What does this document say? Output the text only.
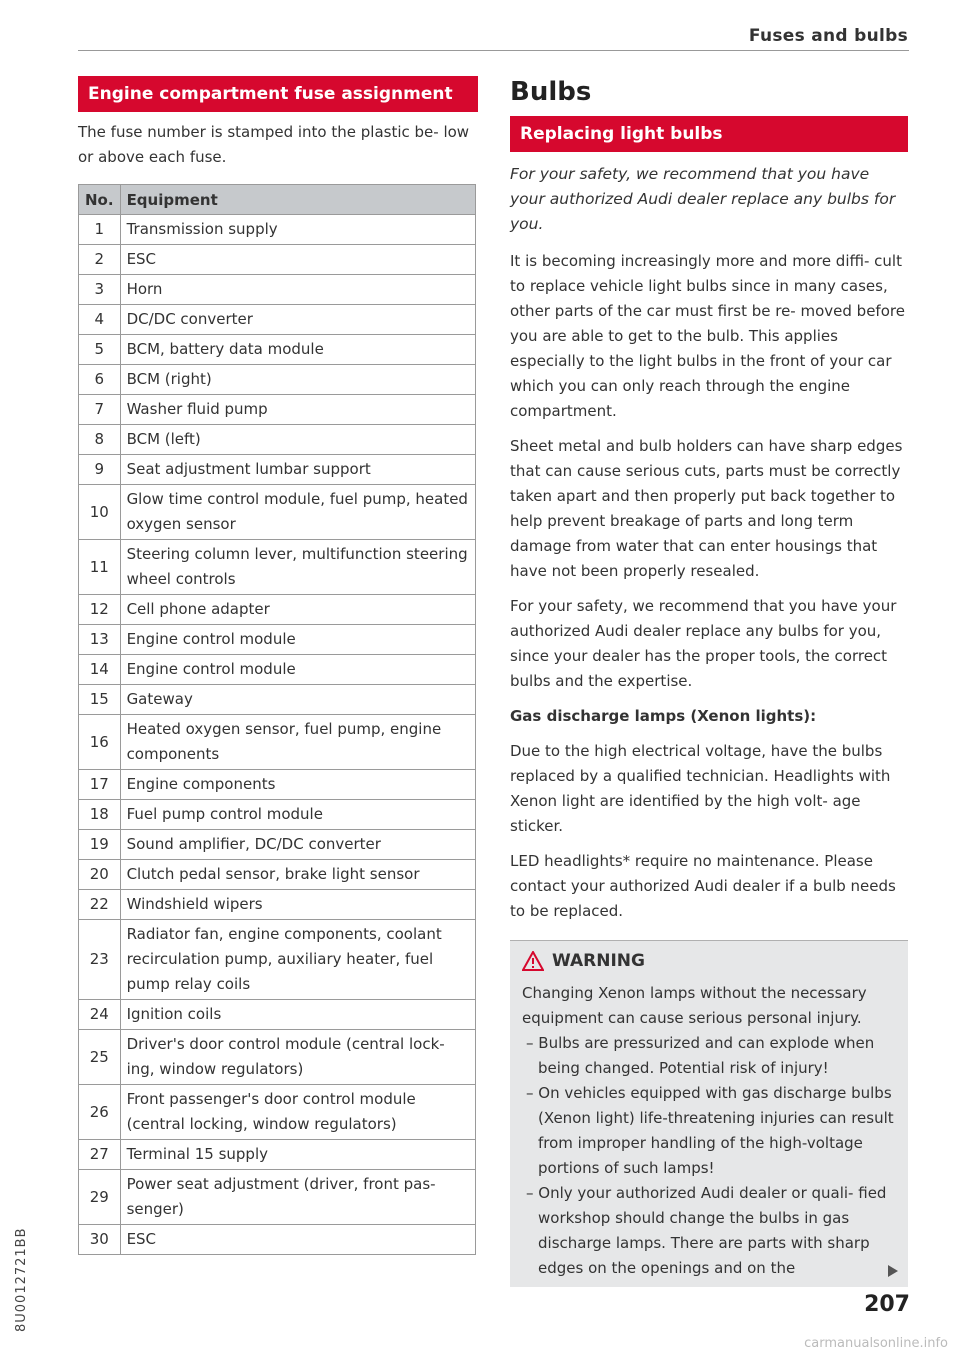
Fuses and bulbs
Engine compartment fuse assignment

The fuse number is stamped into the plastic be- low or above each fuse.

No.	Equipment
1	Transmission supply
2	ESC
3	Horn
4	DC/DC converter
5	BCM, battery data module
6	BCM (right)
7	Washer fluid pump
8	BCM (left)
9	Seat adjustment lumbar support
10	Glow time control module, fuel pump, heated oxygen sensor
11	Steering column lever, multifunction steering wheel controls
12	Cell phone adapter
13	Engine control module
14	Engine control module
15	Gateway
16	Heated oxygen sensor, fuel pump, engine components
17	Engine components
18	Fuel pump control module
19	Sound amplifier, DC/DC converter
20	Clutch pedal sensor, brake light sensor
22	Windshield wipers
23	Radiator fan, engine components, coolant recirculation pump, auxiliary heater, fuel pump relay coils
24	Ignition coils
25	Driver's door control module (central lock- ing, window regulators)
26	Front passenger's door control module (central locking, window regulators)
27	Terminal 15 supply
29	Power seat adjustment (driver, front pas- senger)
30	ESC
Bulbs
Replacing light bulbs

For your safety, we recommend that you have your authorized Audi dealer replace any bulbs for you.

It is becoming increasingly more and more diffi- cult to replace vehicle light bulbs since in many cases, other parts of the car must first be re- moved before you are able to get to the bulb. This applies especially to the light bulbs in the front of your car which you can only reach through the engine compartment.

Sheet metal and bulb holders can have sharp edges that can cause serious cuts, parts must be correctly taken apart and then properly put back together to help prevent breakage of parts and long term damage from water that can enter housings that have not been properly resealed.

For your safety, we recommend that you have your authorized Audi dealer replace any bulbs for you, since your dealer has the proper tools, the correct bulbs and the expertise.

Gas discharge lamps (Xenon lights):

Due to the high electrical voltage, have the bulbs replaced by a qualified technician. Headlights with Xenon light are identified by the high volt- age sticker.

LED headlights* require no maintenance. Please contact your authorized Audi dealer if a bulb needs to be replaced.

WARNING

Changing Xenon lamps without the necessary equipment can cause serious personal injury.

– Bulbs are pressurized and can explode when being changed. Potential risk of injury!
– On vehicles equipped with gas discharge bulbs (Xenon light) life-threatening injuries can result from improper handling of the high-voltage portions of such lamps!
– Only your authorized Audi dealer or quali- fied workshop should change the bulbs in gas discharge lamps. There are parts with sharp edges on the openings and on the
207
8U0012721BB
carmanualsonline.info
